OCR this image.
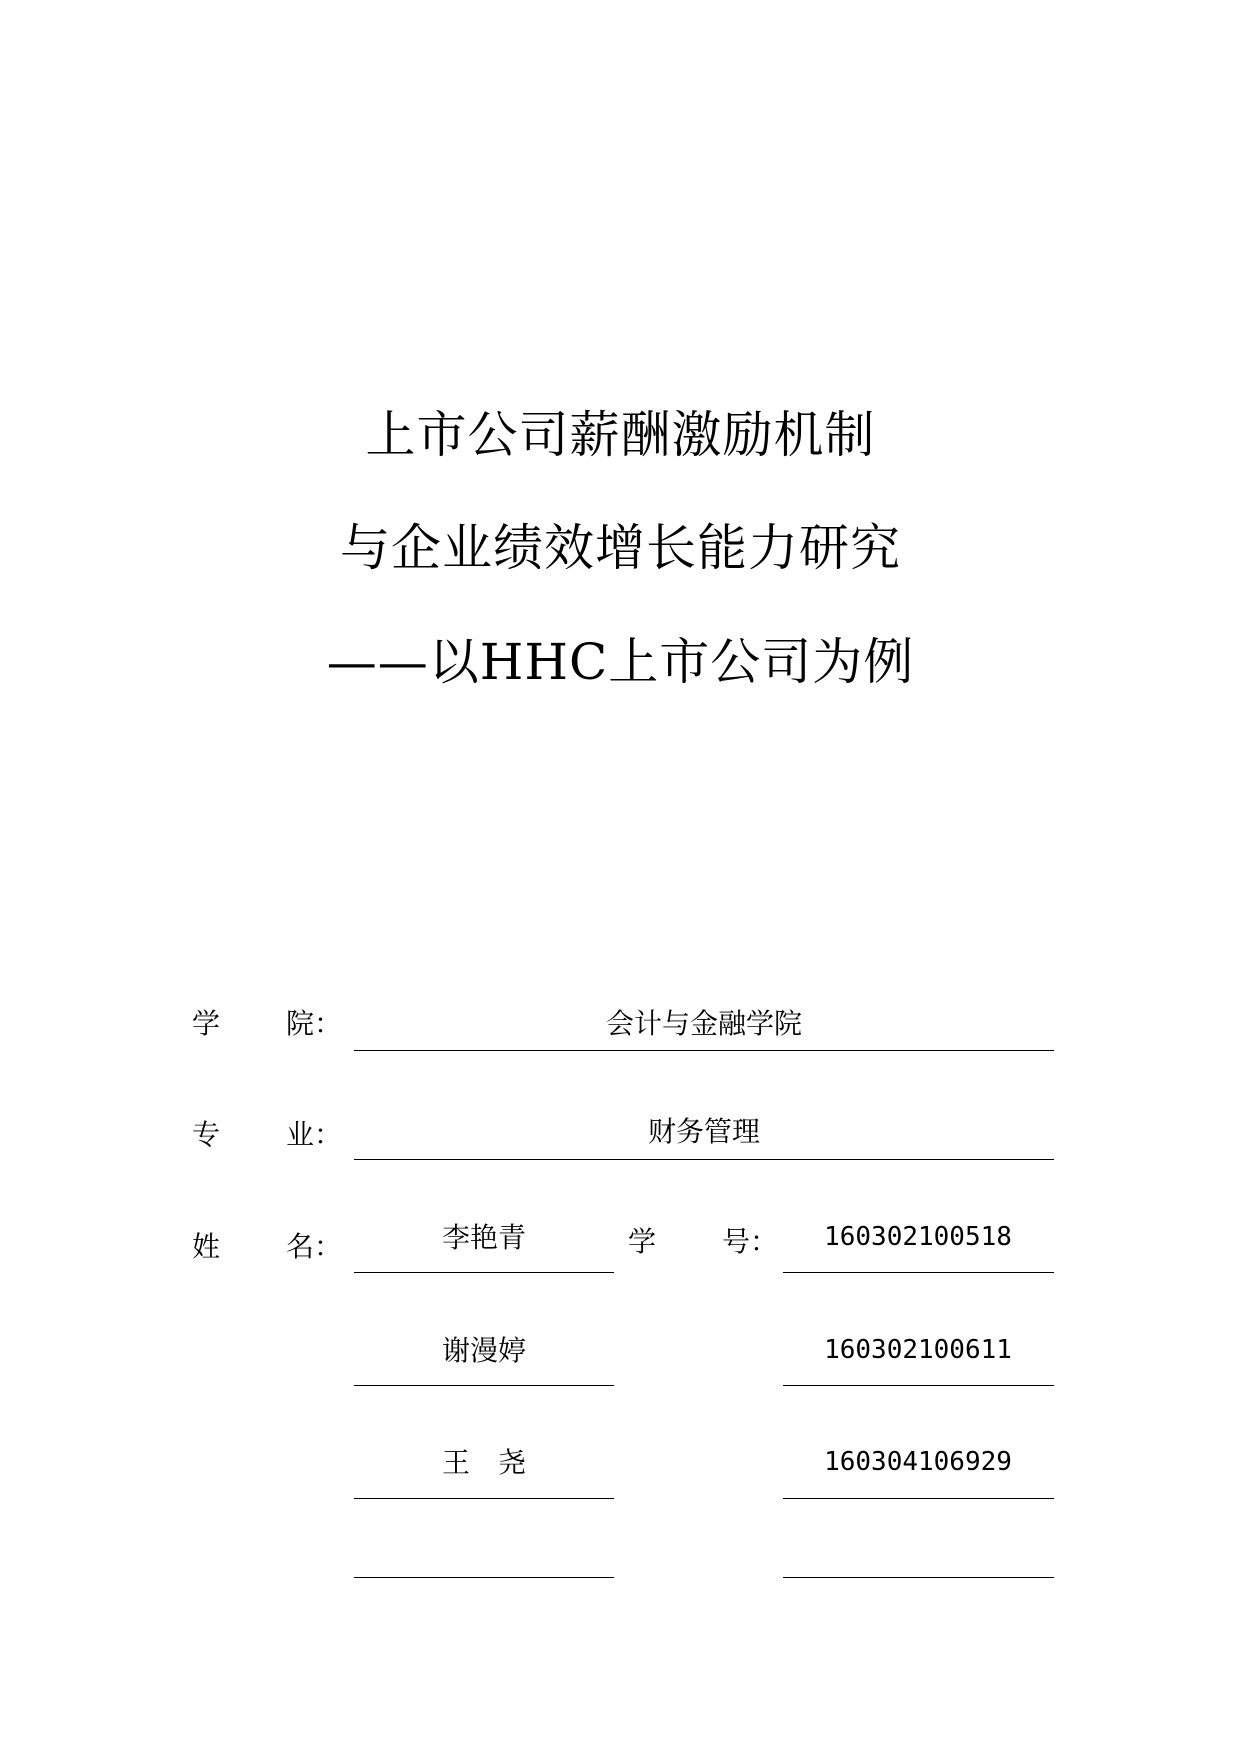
上市公司薪酬激励机制
与企业绩效增长能力研究
——以HHC上市公司为例
学 院：	会计与金融学院
专 业：	财务管理
姓 名：	学 号：
李艳青	160302100518
谢漫婷	160302100611
王　尧	160304106929
